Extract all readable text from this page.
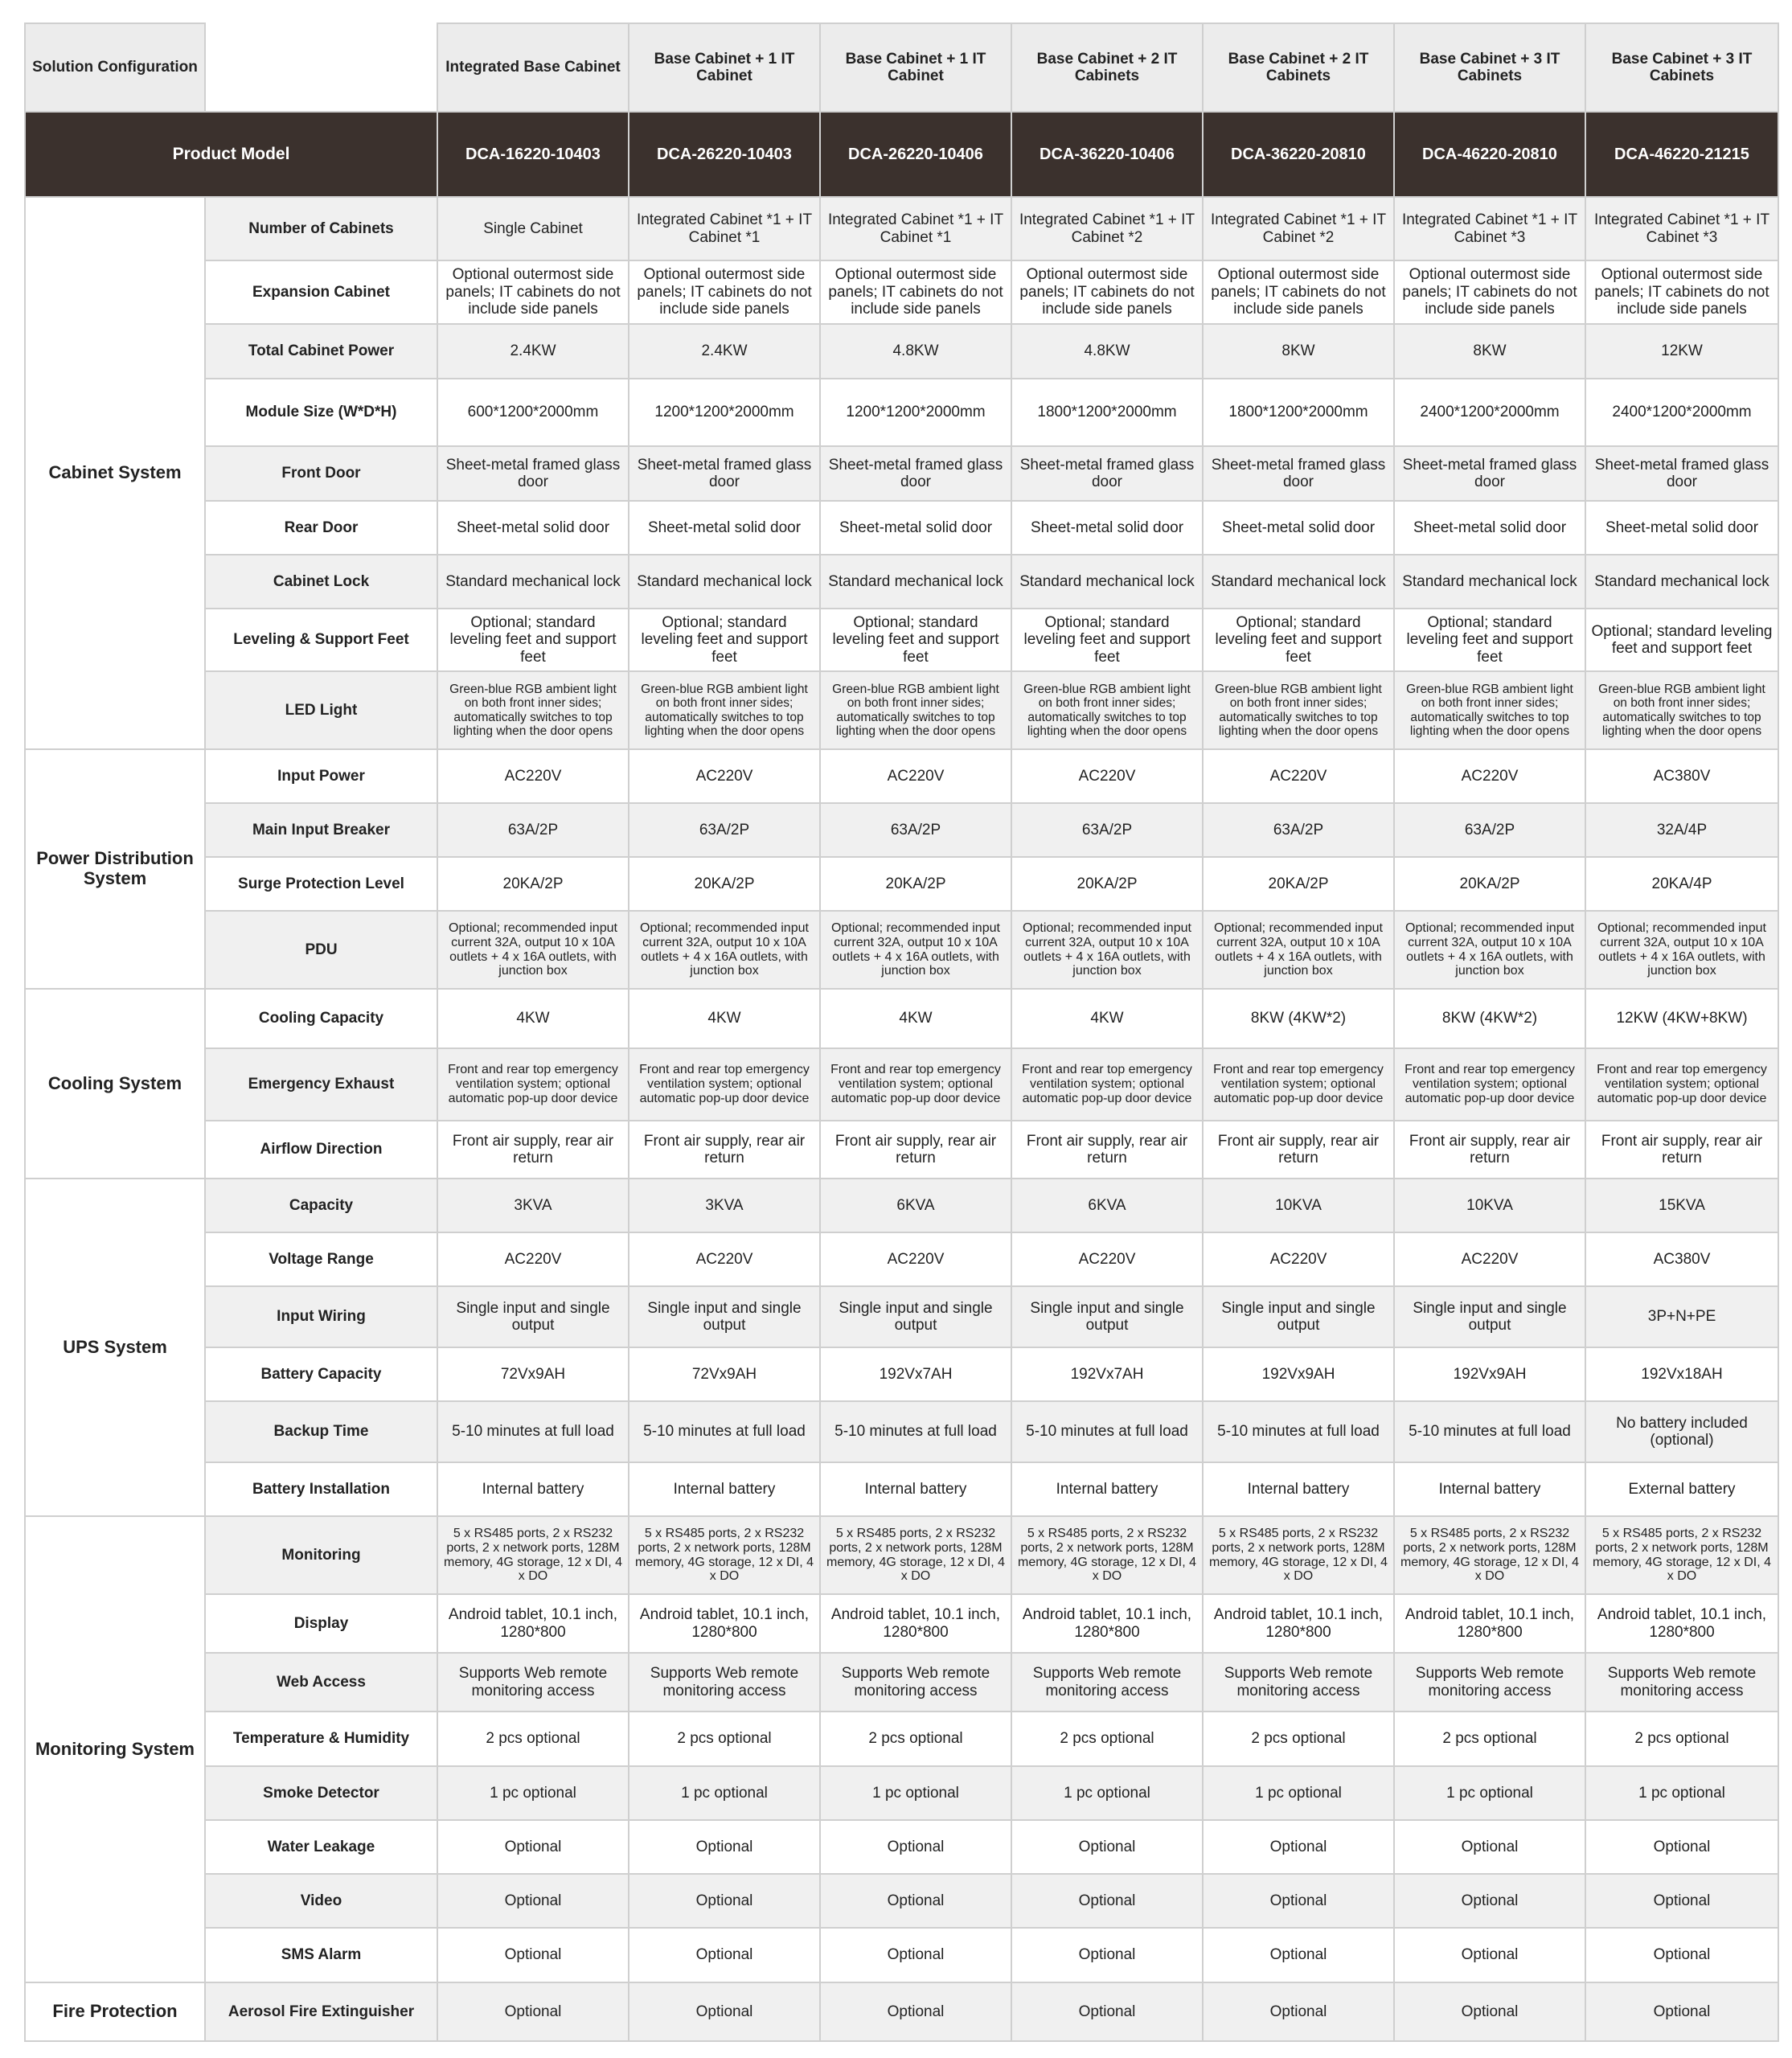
Solution Configuration		Integrated Base Cabinet	Base Cabinet + 1 IT Cabinet	Base Cabinet + 1 IT Cabinet	Base Cabinet + 2 IT Cabinets	Base Cabinet + 2 IT Cabinets	Base Cabinet + 3 IT Cabinets	Base Cabinet + 3 IT Cabinets
Product Model		DCA-16220-10403	DCA-26220-10403	DCA-26220-10406	DCA-36220-10406	DCA-36220-20810	DCA-46220-20810	DCA-46220-21215
Cabinet System	Number of Cabinets	Single Cabinet	Integrated Cabinet *1 + IT Cabinet *1	Integrated Cabinet *1 + IT Cabinet *1	Integrated Cabinet *1 + IT Cabinet *2	Integrated Cabinet *1 + IT Cabinet *2	Integrated Cabinet *1 + IT Cabinet *3	Integrated Cabinet *1 + IT Cabinet *3
	Expansion Cabinet	Optional outermost side panels; IT cabinets do not include side panels	Optional outermost side panels; IT cabinets do not include side panels	Optional outermost side panels; IT cabinets do not include side panels	Optional outermost side panels; IT cabinets do not include side panels	Optional outermost side panels; IT cabinets do not include side panels	Optional outermost side panels; IT cabinets do not include side panels	Optional outermost side panels; IT cabinets do not include side panels
	Total Cabinet Power	2.4KW	2.4KW	4.8KW	4.8KW	8KW	8KW	12KW
	Module Size (W*D*H)	600*1200*2000mm	1200*1200*2000mm	1200*1200*2000mm	1800*1200*2000mm	1800*1200*2000mm	2400*1200*2000mm	2400*1200*2000mm
	Front Door	Sheet-metal framed glass door	Sheet-metal framed glass door	Sheet-metal framed glass door	Sheet-metal framed glass door	Sheet-metal framed glass door	Sheet-metal framed glass door	Sheet-metal framed glass door
	Rear Door	Sheet-metal solid door	Sheet-metal solid door	Sheet-metal solid door	Sheet-metal solid door	Sheet-metal solid door	Sheet-metal solid door	Sheet-metal solid door
	Cabinet Lock	Standard mechanical lock	Standard mechanical lock	Standard mechanical lock	Standard mechanical lock	Standard mechanical lock	Standard mechanical lock	Standard mechanical lock
	Leveling & Support Feet	Optional; standard leveling feet and support feet	Optional; standard leveling feet and support feet	Optional; standard leveling feet and support feet	Optional; standard leveling feet and support feet	Optional; standard leveling feet and support feet	Optional; standard leveling feet and support feet	Optional; standard leveling feet and support feet
	LED Light	Green-blue RGB ambient light on both front inner sides; automatically switches to top lighting when the door opens	Green-blue RGB ambient light on both front inner sides; automatically switches to top lighting when the door opens	Green-blue RGB ambient light on both front inner sides; automatically switches to top lighting when the door opens	Green-blue RGB ambient light on both front inner sides; automatically switches to top lighting when the door opens	Green-blue RGB ambient light on both front inner sides; automatically switches to top lighting when the door opens	Green-blue RGB ambient light on both front inner sides; automatically switches to top lighting when the door opens	Green-blue RGB ambient light on both front inner sides; automatically switches to top lighting when the door opens
Power Distribution System	Input Power	AC220V	AC220V	AC220V	AC220V	AC220V	AC220V	AC380V
	Main Input Breaker	63A/2P	63A/2P	63A/2P	63A/2P	63A/2P	63A/2P	32A/4P
	Surge Protection Level	20KA/2P	20KA/2P	20KA/2P	20KA/2P	20KA/2P	20KA/2P	20KA/4P
	PDU	Optional; recommended input current 32A, output 10 x 10A outlets + 4 x 16A outlets, with junction box	Optional; recommended input current 32A, output 10 x 10A outlets + 4 x 16A outlets, with junction box	Optional; recommended input current 32A, output 10 x 10A outlets + 4 x 16A outlets, with junction box	Optional; recommended input current 32A, output 10 x 10A outlets + 4 x 16A outlets, with junction box	Optional; recommended input current 32A, output 10 x 10A outlets + 4 x 16A outlets, with junction box	Optional; recommended input current 32A, output 10 x 10A outlets + 4 x 16A outlets, with junction box	Optional; recommended input current 32A, output 10 x 10A outlets + 4 x 16A outlets, with junction box
Cooling System	Cooling Capacity	4KW	4KW	4KW	4KW	8KW (4KW*2)	8KW (4KW*2)	12KW (4KW+8KW)
	Emergency Exhaust	Front and rear top emergency ventilation system; optional automatic pop-up door device	Front and rear top emergency ventilation system; optional automatic pop-up door device	Front and rear top emergency ventilation system; optional automatic pop-up door device	Front and rear top emergency ventilation system; optional automatic pop-up door device	Front and rear top emergency ventilation system; optional automatic pop-up door device	Front and rear top emergency ventilation system; optional automatic pop-up door device	Front and rear top emergency ventilation system; optional automatic pop-up door device
	Airflow Direction	Front air supply, rear air return	Front air supply, rear air return	Front air supply, rear air return	Front air supply, rear air return	Front air supply, rear air return	Front air supply, rear air return	Front air supply, rear air return
UPS System	Capacity	3KVA	3KVA	6KVA	6KVA	10KVA	10KVA	15KVA
	Voltage Range	AC220V	AC220V	AC220V	AC220V	AC220V	AC220V	AC380V
	Input Wiring	Single input and single output	Single input and single output	Single input and single output	Single input and single output	Single input and single output	Single input and single output	3P+N+PE
	Battery Capacity	72Vx9AH	72Vx9AH	192Vx7AH	192Vx7AH	192Vx9AH	192Vx9AH	192Vx18AH
	Backup Time	5-10 minutes at full load	5-10 minutes at full load	5-10 minutes at full load	5-10 minutes at full load	5-10 minutes at full load	5-10 minutes at full load	No battery included (optional)
	Battery Installation	Internal battery	Internal battery	Internal battery	Internal battery	Internal battery	Internal battery	External battery
Monitoring System	Monitoring	5 x RS485 ports, 2 x RS232 ports, 2 x network ports, 128M memory, 4G storage, 12 x DI, 4 x DO	5 x RS485 ports, 2 x RS232 ports, 2 x network ports, 128M memory, 4G storage, 12 x DI, 4 x DO	5 x RS485 ports, 2 x RS232 ports, 2 x network ports, 128M memory, 4G storage, 12 x DI, 4 x DO	5 x RS485 ports, 2 x RS232 ports, 2 x network ports, 128M memory, 4G storage, 12 x DI, 4 x DO	5 x RS485 ports, 2 x RS232 ports, 2 x network ports, 128M memory, 4G storage, 12 x DI, 4 x DO	5 x RS485 ports, 2 x RS232 ports, 2 x network ports, 128M memory, 4G storage, 12 x DI, 4 x DO	5 x RS485 ports, 2 x RS232 ports, 2 x network ports, 128M memory, 4G storage, 12 x DI, 4 x DO
	Display	Android tablet, 10.1 inch, 1280*800	Android tablet, 10.1 inch, 1280*800	Android tablet, 10.1 inch, 1280*800	Android tablet, 10.1 inch, 1280*800	Android tablet, 10.1 inch, 1280*800	Android tablet, 10.1 inch, 1280*800	Android tablet, 10.1 inch, 1280*800
	Web Access	Supports Web remote monitoring access	Supports Web remote monitoring access	Supports Web remote monitoring access	Supports Web remote monitoring access	Supports Web remote monitoring access	Supports Web remote monitoring access	Supports Web remote monitoring access
	Temperature & Humidity	2 pcs optional	2 pcs optional	2 pcs optional	2 pcs optional	2 pcs optional	2 pcs optional	2 pcs optional
	Smoke Detector	1 pc optional	1 pc optional	1 pc optional	1 pc optional	1 pc optional	1 pc optional	1 pc optional
	Water Leakage	Optional	Optional	Optional	Optional	Optional	Optional	Optional
	Video	Optional	Optional	Optional	Optional	Optional	Optional	Optional
	SMS Alarm	Optional	Optional	Optional	Optional	Optional	Optional	Optional
Fire Protection	Aerosol Fire Extinguisher	Optional	Optional	Optional	Optional	Optional	Optional	Optional
